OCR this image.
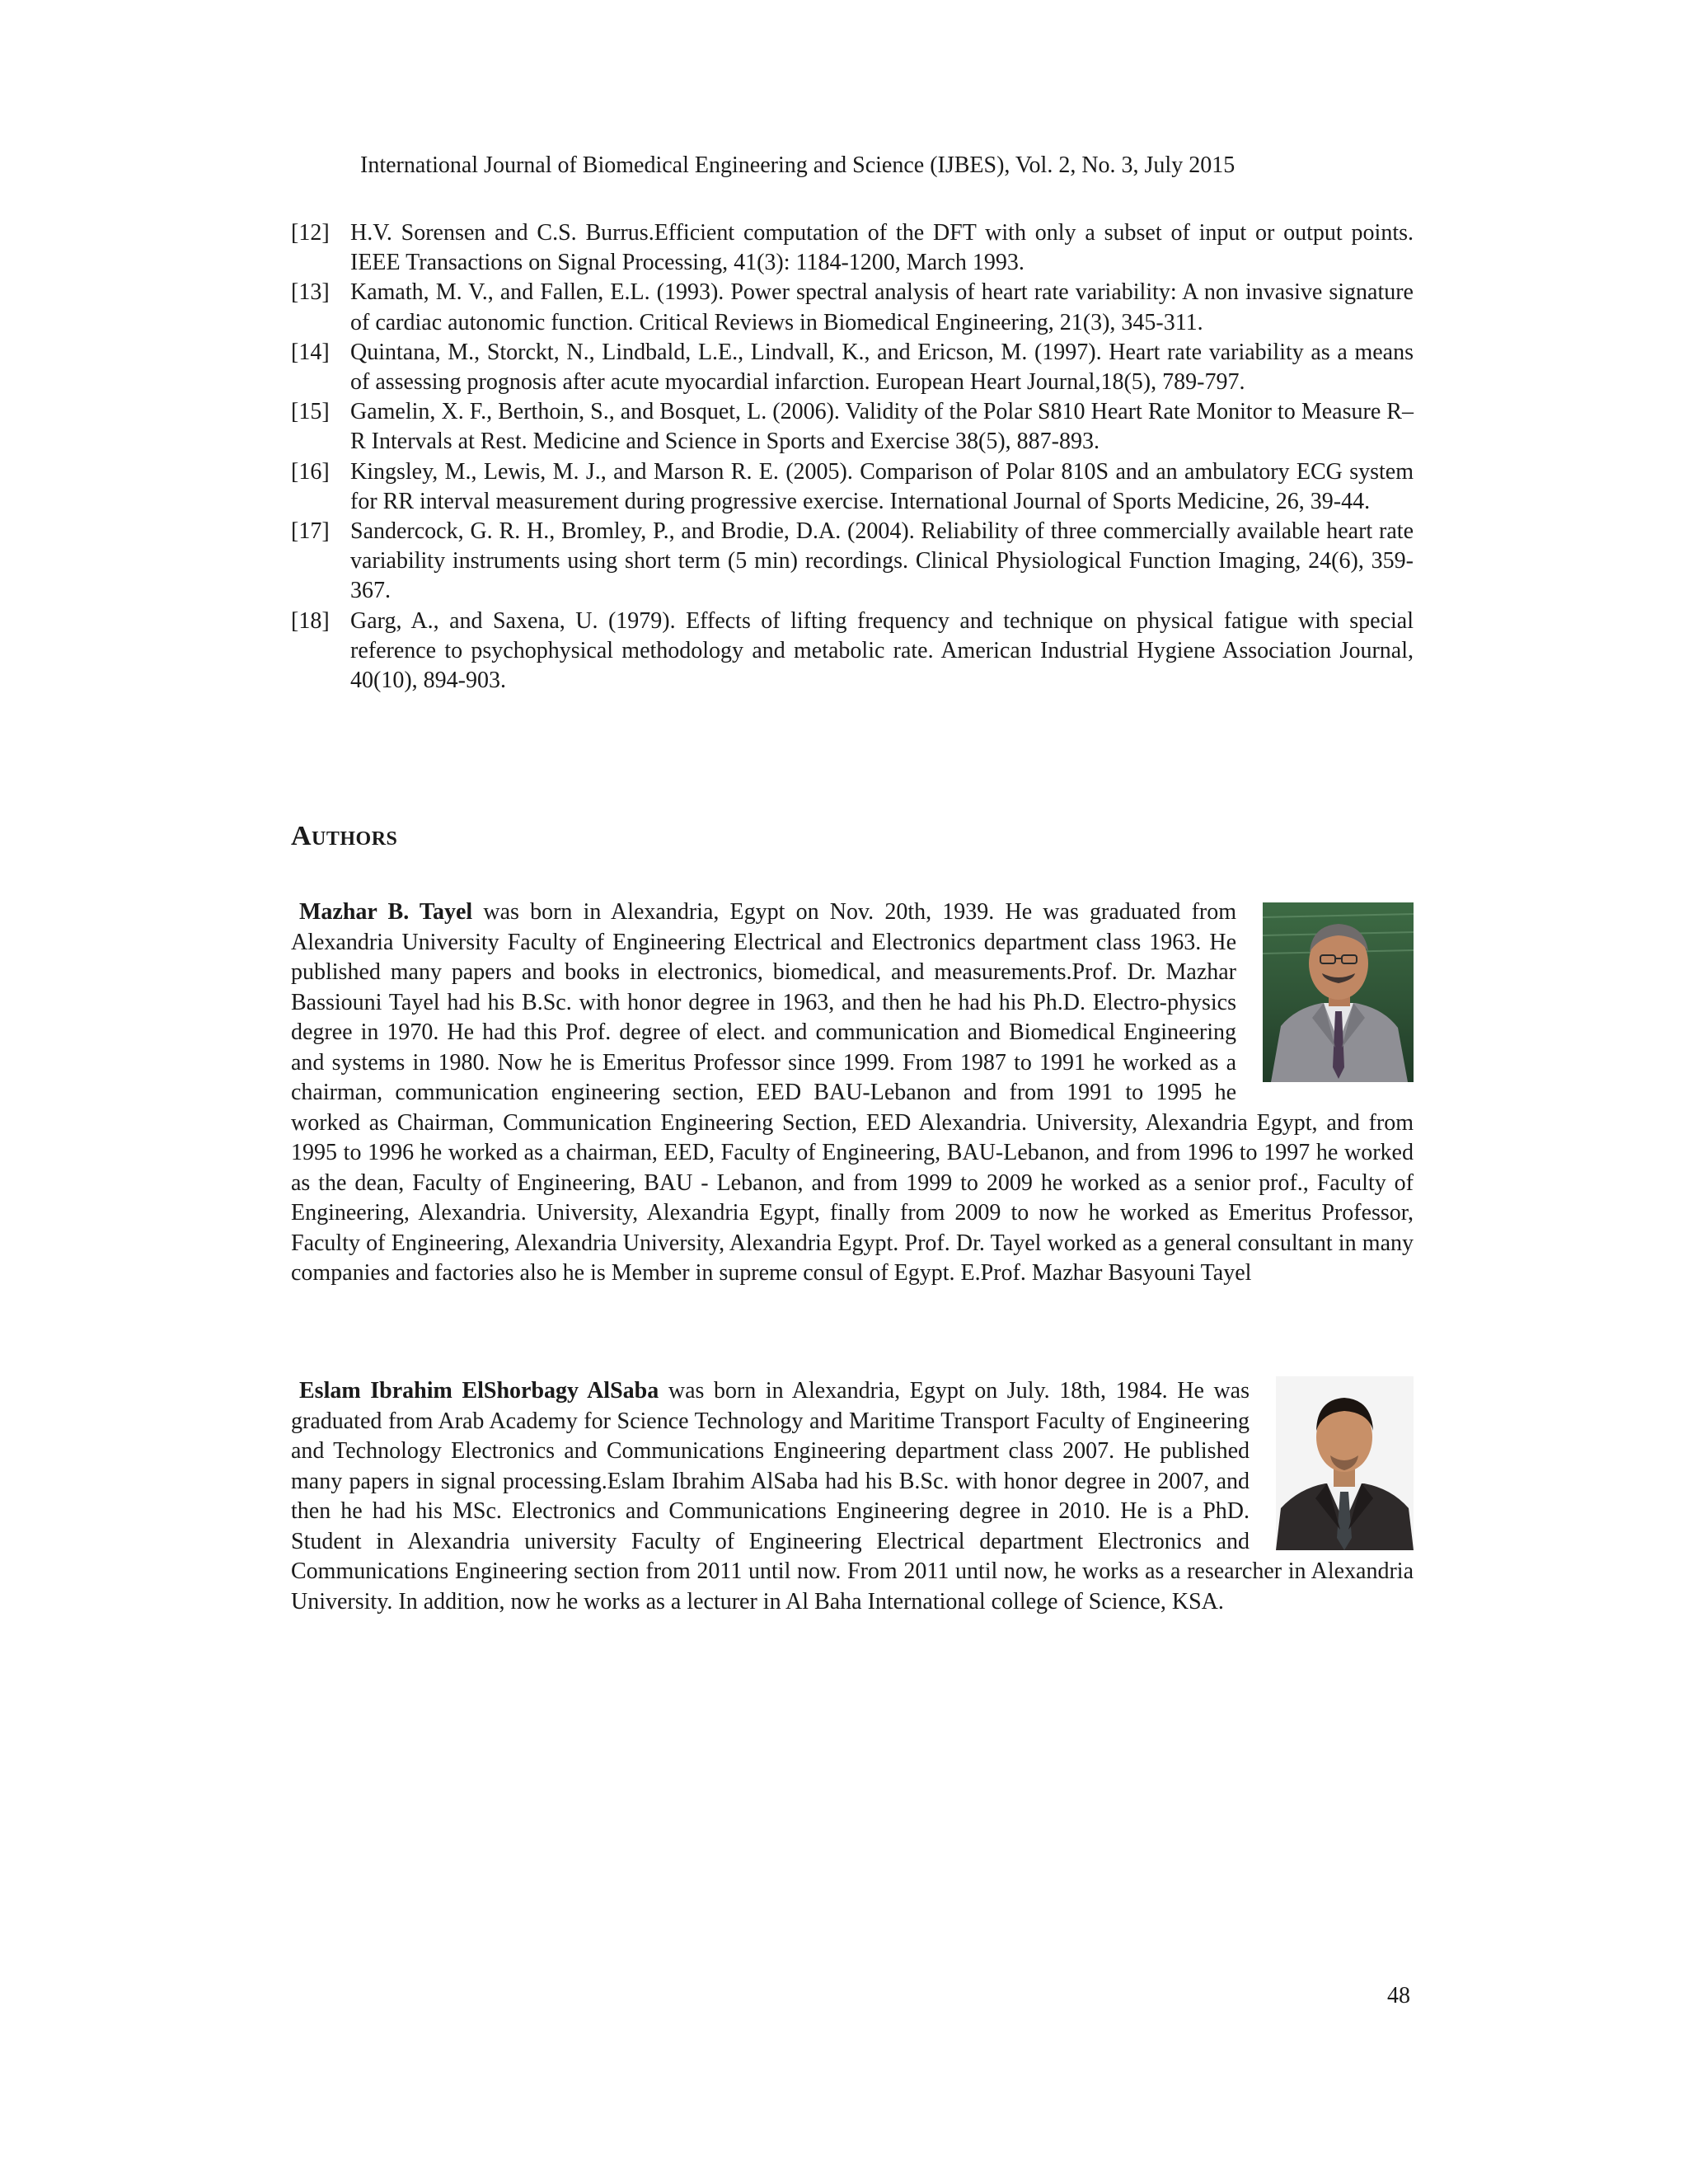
International Journal of Biomedical Engineering and Science (IJBES), Vol. 2, No. 3, July 2015

[12] H.V. Sorensen and C.S. Burrus.Efficient computation of the DFT with only a subset of input or output points. IEEE Transactions on Signal Processing, 41(3): 1184-1200, March 1993.

[13] Kamath, M. V., and Fallen, E.L. (1993). Power spectral analysis of heart rate variability: A non invasive signature of cardiac autonomic function. Critical Reviews in Biomedical Engineering, 21(3), 345-311.

[14] Quintana, M., Storckt, N., Lindbald, L.E., Lindvall, K., and Ericson, M. (1997). Heart rate variability as a means of assessing prognosis after acute myocardial infarction. European Heart Journal,18(5), 789-797.

[15] Gamelin, X. F., Berthoin, S., and Bosquet, L. (2006). Validity of the Polar S810 Heart Rate Monitor to Measure R–R Intervals at Rest. Medicine and Science in Sports and Exercise 38(5), 887-893.

[16] Kingsley, M., Lewis, M. J., and Marson R. E. (2005). Comparison of Polar 810S and an ambulatory ECG system for RR interval measurement during progressive exercise. International Journal of Sports Medicine, 26, 39-44.

[17] Sandercock, G. R. H., Bromley, P., and Brodie, D.A. (2004). Reliability of three commercially available heart rate variability instruments using short term (5 min) recordings. Clinical Physiological Function Imaging, 24(6), 359-367.

[18] Garg, A., and Saxena, U. (1979). Effects of lifting frequency and technique on physical fatigue with special reference to psychophysical methodology and metabolic rate. American Industrial Hygiene Association Journal, 40(10), 894-903.

Authors
Mazhar B. Tayel was born in Alexandria, Egypt on Nov. 20th, 1939. He was graduated from Alexandria University Faculty of Engineering Electrical and Electronics department class 1963. He published many papers and books in electronics, biomedical, and measurements.Prof. Dr. Mazhar Bassiouni Tayel had his B.Sc. with honor degree in 1963, and then he had his Ph.D. Electro-physics degree in 1970. He had this Prof. degree of elect. and communication and Biomedical Engineering and systems in 1980. Now he is Emeritus Professor since 1999. From 1987 to 1991 he worked as a chairman, communication engineering section, EED BAU-Lebanon and from 1991 to 1995 he worked as Chairman, Communication Engineering Section, EED Alexandria. University, Alexandria Egypt, and from 1995 to 1996 he worked as a chairman, EED, Faculty of Engineering, BAU-Lebanon, and from 1996 to 1997 he worked as the dean, Faculty of Engineering, BAU - Lebanon, and from 1999 to 2009 he worked as a senior prof., Faculty of Engineering, Alexandria. University, Alexandria Egypt, finally from 2009 to now he worked as Emeritus Professor, Faculty of Engineering, Alexandria University, Alexandria Egypt. Prof. Dr. Tayel worked as a general consultant in many companies and factories also he is Member in supreme consul of Egypt. E.Prof. Mazhar Basyouni Tayel
Eslam Ibrahim ElShorbagy AlSaba was born in Alexandria, Egypt on July. 18th, 1984. He was graduated from Arab Academy for Science Technology and Maritime Transport Faculty of Engineering and Technology Electronics and Communications Engineering department class 2007. He published many papers in signal processing.Eslam Ibrahim AlSaba had his B.Sc. with honor degree in 2007, and then he had his MSc. Electronics and Communications Engineering degree in 2010. He is a PhD. Student in Alexandria university Faculty of Engineering Electrical department Electronics and Communications Engineering section from 2011 until now. From 2011 until now, he works as a researcher in Alexandria University. In addition, now he works as a lecturer in Al Baha International college of Science, KSA.
48
